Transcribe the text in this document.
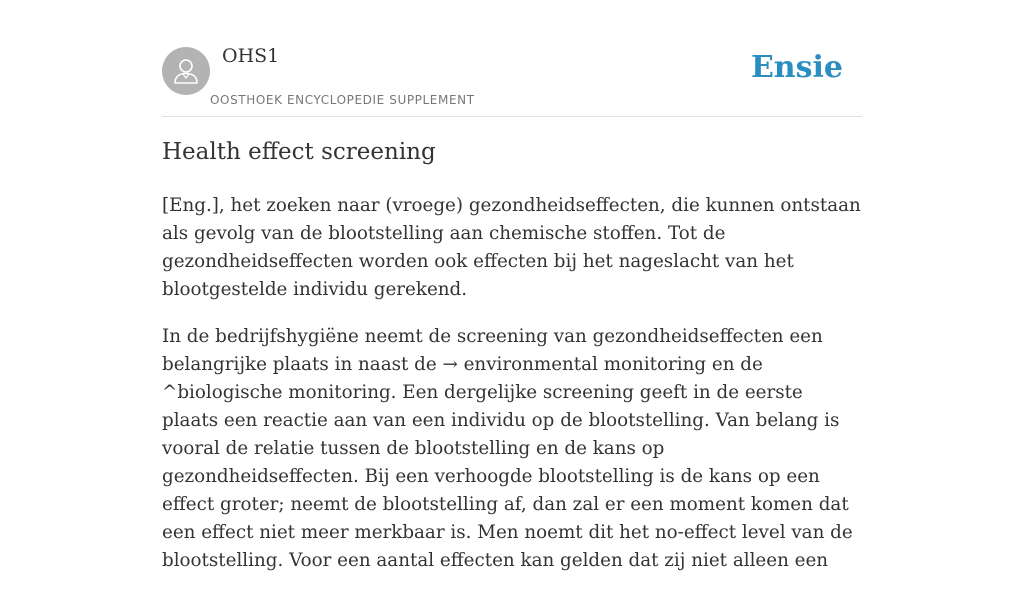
OHS1
OOSTHOEK ENCYCLOPEDIE SUPPLEMENT
Ensie
Health effect screening

[Eng.], het zoeken naar (vroege) gezondheidseffecten, die kunnen ontstaan als gevolg van de blootstelling aan chemische stoffen. Tot de gezondheidseffecten worden ook effecten bij het nageslacht van het blootgestelde individu gerekend.

In de bedrijfshygiëne neemt de screening van gezondheidseffecten een belangrijke plaats in naast de → environmental monitoring en de ^biologische monitoring. Een dergelijke screening geeft in de eerste plaats een reactie aan van een individu op de blootstelling. Van belang is vooral de relatie tussen de blootstelling en de kans op gezondheidseffecten. Bij een verhoogde blootstelling is de kans op een effect groter; neemt de blootstelling af, dan zal er een moment komen dat een effect niet meer merkbaar is. Men noemt dit het no-effect level van de blootstelling. Voor een aantal effecten kan gelden dat zij niet alleen een
